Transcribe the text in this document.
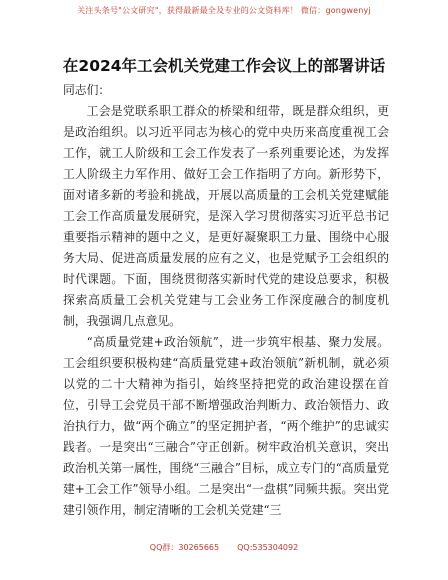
关注头条号"公文研究"，获得最新最全及专业的公文资料库！ 微信：gongwenyj
在2024年工会机关党建工作会议上的部署讲话

同志们：

工会是党联系职工群众的桥梁和纽带，既是群众组织，更是政治组织。以习近平同志为核心的党中央历来高度重视工会工作，就工人阶级和工会工作发表了一系列重要论述，为发挥工人阶级主力军作用、做好工会工作指明了方向。新形势下，面对诸多新的考验和挑战，开展以高质量的工会机关党建赋能工会工作高质量发展研究，是深入学习贯彻落实习近平总书记重要指示精神的题中之义，是更好凝聚职工力量、围绕中心服务大局、促进高质量发展的应有之义，也是党赋予工会组织的时代课题。下面，围绕贯彻落实新时代党的建设总要求，积极探索高质量工会机关党建与工会业务工作深度融合的制度机制，我强调几点意见。

“高质量党建+政治领航”，进一步筑牢根基、聚力发展。工会组织要积极构建“高质量党建+政治领航”新机制，就必须以党的二十大精神为指引，始终坚持把党的政治建设摆在首位，引导工会党员干部不断增强政治判断力、政治领悟力、政治执行力，做“两个确立”的坚定拥护者，“两个维护”的忠诚实践者。一是突出“三融合”守正创新。树牢政治机关意识，突出政治机关第一属性，围绕“三融合”目标，成立专门的“高质量党建+工会工作”领导小组。二是突出“一盘棋”同频共振。突出党建引领作用，制定清晰的工会机关党建“三

QQ群：30265665 QQ:535304092
